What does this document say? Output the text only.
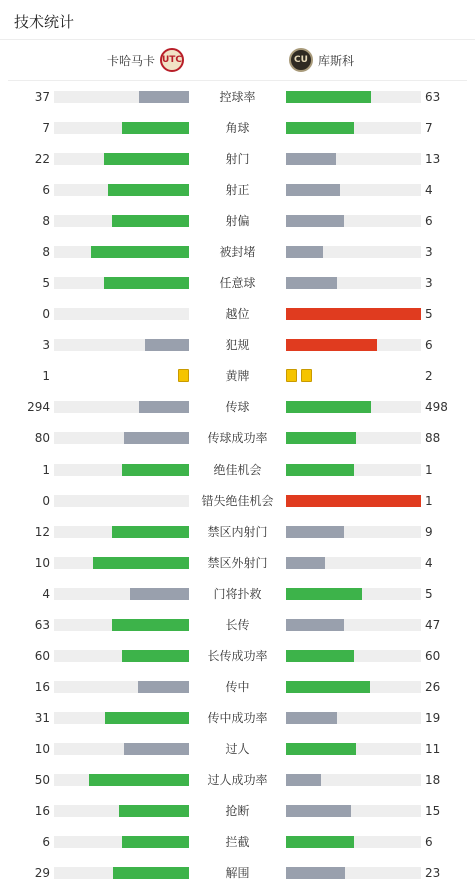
技术统计
卡哈马卡 UTC	CU 库斯科
37	控球率	63
7	角球	7
22	射门	13
6	射正	4
8	射偏	6
8	被封堵	3
5	任意球	3
0	越位	5
3	犯规	6
1	黄牌	2
294	传球	498
80	传球成功率	88
1	绝佳机会	1
0	错失绝佳机会	1
12	禁区内射门	9
10	禁区外射门	4
4	门将扑救	5
63	长传	47
60	长传成功率	60
16	传中	26
31	传中成功率	19
10	过人	11
50	过人成功率	18
16	抢断	15
6	拦截	6
29	解围	23
